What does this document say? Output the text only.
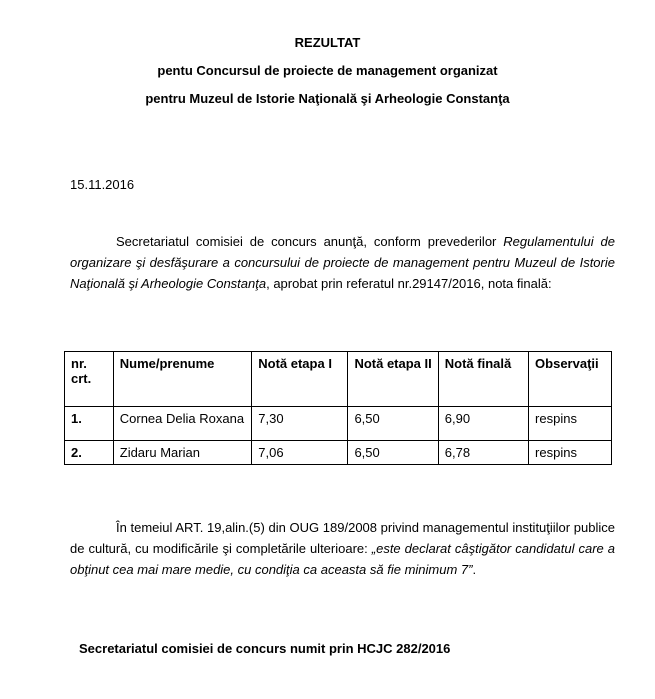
REZULTAT
pentu Concursul de proiecte de management organizat
pentru Muzeul de Istorie Naţională şi Arheologie Constanţa
15.11.2016
Secretariatul comisiei de concurs anunţă, conform prevederilor Regulamentului de organizare şi desfăşurare a concursului de proiecte de management pentru Muzeul de Istorie Naţională şi Arheologie Constanţa, aprobat prin referatul nr.29147/2016, nota finală:
nr. crt.	Nume/prenume	Notă etapa I	Notă etapa II	Notă finală	Observaţii
1.	Cornea Delia Roxana	7,30	6,50	6,90	respins
2.	Zidaru Marian	7,06	6,50	6,78	respins
În temeiul ART. 19,alin.(5) din OUG 189/2008 privind managementul instituţiilor publice de cultură, cu modificările şi completările ulterioare: „este declarat câştigător candidatul care a obţinut cea mai mare medie, cu condiţia ca aceasta să fie minimum 7”.
Secretariatul comisiei de concurs numit prin HCJC 282/2016
